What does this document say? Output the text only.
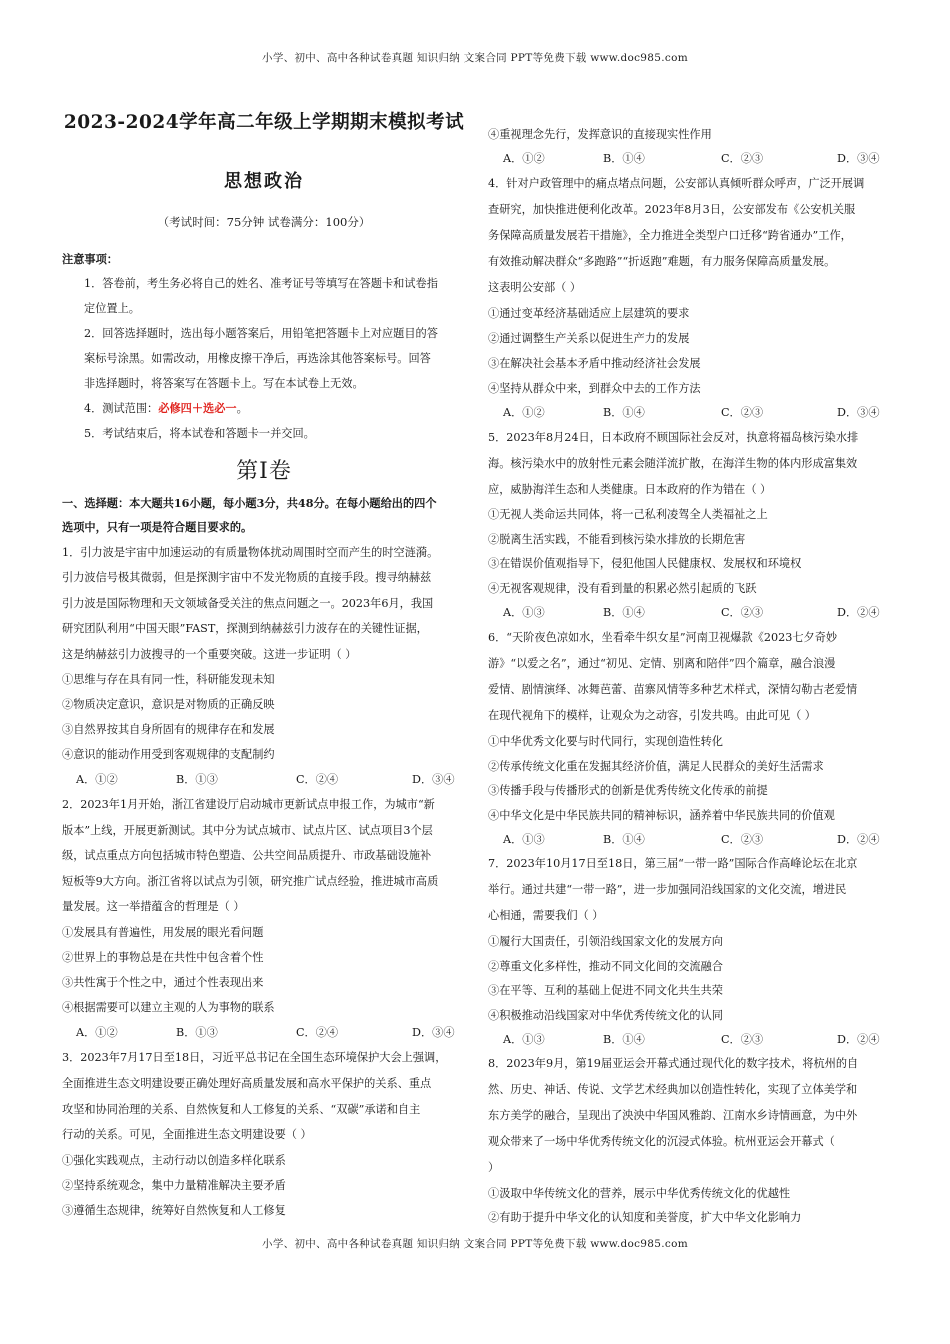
小学、初中、高中各种试卷真题 知识归纳 文案合同 PPT等免费下载 www.doc985.com
2023-2024学年高二年级上学期期末模拟考试
思想政治
（考试时间：75分钟 试卷满分：100分）
注意事项：
1．答卷前，考生务必将自己的姓名、准考证号等填写在答题卡和试卷指
定位置上。
2．回答选择题时，选出每小题答案后，用铅笔把答题卡上对应题目的答
案标号涂黑。如需改动，用橡皮擦干净后，再选涂其他答案标号。回答
非选择题时，将答案写在答题卡上。写在本试卷上无效。
4．测试范围：必修四＋选必一。
5．考试结束后，将本试卷和答题卡一并交回。
第Ⅰ卷
一、选择题：本大题共16小题，每小题3分，共48分。在每小题给出的四个
选项中，只有一项是符合题目要求的。
1．引力波是宇宙中加速运动的有质量物体扰动周围时空而产生的时空涟漪。
引力波信号极其微弱，但是探测宇宙中不发光物质的直接手段。搜寻纳赫兹
引力波是国际物理和天文领域备受关注的焦点问题之一。2023年6月，我国
研究团队利用“中国天眼”FAST，探测到纳赫兹引力波存在的关键性证据，
这是纳赫兹引力波搜寻的一个重要突破。这进一步证明（ ）
①思维与存在具有同一性，科研能发现未知
②物质决定意识，意识是对物质的正确反映
③自然界按其自身所固有的规律存在和发展
④意识的能动作用受到客观规律的支配制约
A．①②	B．①③	C．②④	D．③④
2．2023年1月开始，浙江省建设厅启动城市更新试点申报工作，为城市“新
版本”上线，开展更新测试。其中分为试点城市、试点片区、试点项目3个层
级，试点重点方向包括城市特色塑造、公共空间品质提升、市政基础设施补
短板等9大方向。浙江省将以试点为引领，研究推广试点经验，推进城市高质
量发展。这一举措蕴含的哲理是（ ）
①发展具有普遍性，用发展的眼光看问题
②世界上的事物总是在共性中包含着个性
③共性寓于个性之中，通过个性表现出来
④根据需要可以建立主观的人为事物的联系
A．①②	B．①③	C．②④	D．③④
3．2023年7月17日至18日，习近平总书记在全国生态环境保护大会上强调，
全面推进生态文明建设要正确处理好高质量发展和高水平保护的关系、重点
攻坚和协同治理的关系、自然恢复和人工修复的关系、“双碳”承诺和自主
行动的关系。可见，全面推进生态文明建设要（ ）
①强化实践观点，主动行动以创造多样化联系
②坚持系统观念，集中力量精准解决主要矛盾
③遵循生态规律，统筹好自然恢复和人工修复
④重视理念先行，发挥意识的直接现实性作用
A．①②	B．①④	C．②③	D．③④
4．针对户政管理中的痛点堵点问题，公安部认真倾听群众呼声，广泛开展调
查研究，加快推进便利化改革。2023年8月3日，公安部发布《公安机关服
务保障高质量发展若干措施》，全力推进全类型户口迁移“跨省通办”工作，
有效推动解决群众“多跑路”“折返跑”难题，有力服务保障高质量发展。
这表明公安部（ ）
①通过变革经济基础适应上层建筑的要求
②通过调整生产关系以促进生产力的发展
③在解决社会基本矛盾中推动经济社会发展
④坚持从群众中来，到群众中去的工作方法
A．①②	B．①④	C．②③	D．③④
5．2023年8月24日，日本政府不顾国际社会反对，执意将福岛核污染水排
海。核污染水中的放射性元素会随洋流扩散，在海洋生物的体内形成富集效
应，威胁海洋生态和人类健康。日本政府的作为错在（ ）
①无视人类命运共同体，将一己私利凌驾全人类福祉之上
②脱离生活实践，不能看到核污染水排放的长期危害
③在错误价值观指导下，侵犯他国人民健康权、发展权和环境权
④无视客观规律，没有看到量的积累必然引起质的飞跃
A．①③	B．①④	C．②③	D．②④
6．“天阶夜色凉如水，坐看牵牛织女星”河南卫视爆款《2023七夕奇妙
游》“以爱之名”，通过“初见、定情、别离和陪伴”四个篇章，融合浪漫
爱情、剧情演绎、冰舞芭蕾、苗寨风情等多种艺术样式，深情勾勒古老爱情
在现代视角下的模样，让观众为之动容，引发共鸣。由此可见（ ）
①中华优秀文化要与时代同行，实现创造性转化
②传承传统文化重在发掘其经济价值，满足人民群众的美好生活需求
③传播手段与传播形式的创新是优秀传统文化传承的前提
④中华文化是中华民族共同的精神标识，涵养着中华民族共同的价值观
A．①③	B．①④	C．②③	D．②④
7．2023年10月17日至18日，第三届“一带一路”国际合作高峰论坛在北京
举行。通过共建“一带一路”，进一步加强同沿线国家的文化交流，增进民
心相通，需要我们（ ）
①履行大国责任，引领沿线国家文化的发展方向
②尊重文化多样性，推动不同文化间的交流融合
③在平等、互利的基础上促进不同文化共生共荣
④积极推动沿线国家对中华优秀传统文化的认同
A．①③	B．①④	C．②③	D．②④
8．2023年9月，第19届亚运会开幕式通过现代化的数字技术，将杭州的自
然、历史、神话、传说、文学艺术经典加以创造性转化，实现了立体美学和
东方美学的融合，呈现出了泱泱中华国风雅韵、江南水乡诗情画意，为中外
观众带来了一场中华优秀传统文化的沉浸式体验。杭州亚运会开幕式（
）
①汲取中华传统文化的营养，展示中华优秀传统文化的优越性
②有助于提升中华文化的认知度和美誉度，扩大中华文化影响力
小学、初中、高中各种试卷真题 知识归纳 文案合同 PPT等免费下载 www.doc985.com
